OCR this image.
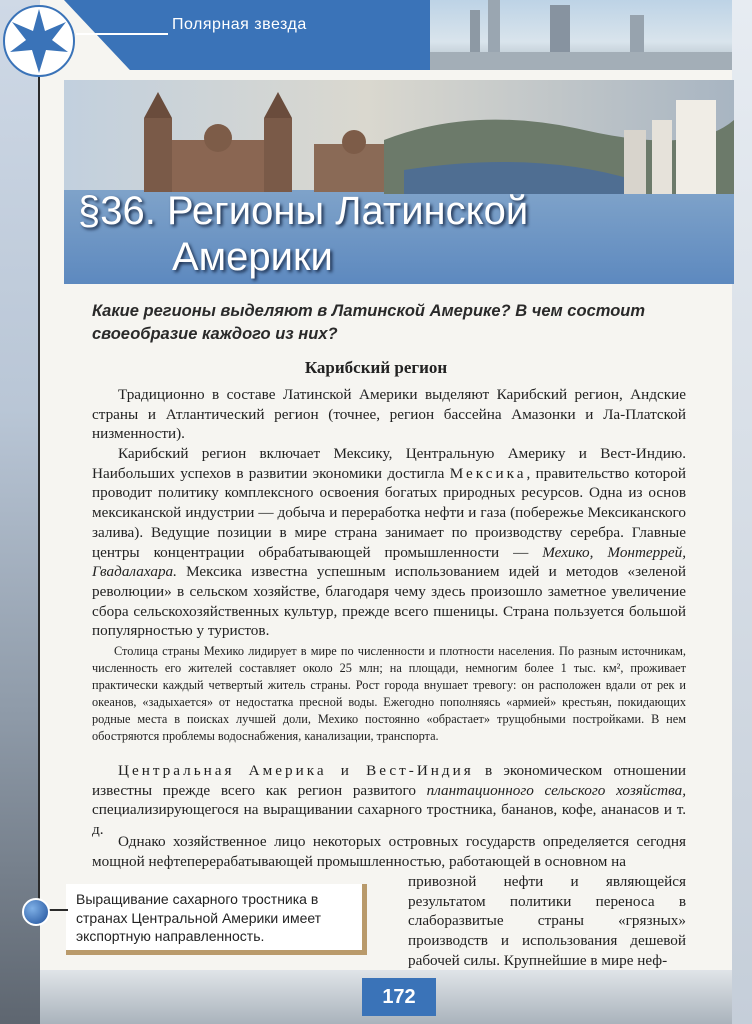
Полярная звезда
§36. Регионы Латинской
Америки
Какие регионы выделяют в Латинской Америке? В чем состоит своеобразие каждого из них?
Карибский регион
Традиционно в составе Латинской Америки выделяют Карибский регион, Андские страны и Атлантический регион (точнее, регион бассейна Амазонки и Ла-Платской низменности).
Карибский регион включает Мексику, Центральную Америку и Вест-Индию. Наибольших успехов в развитии экономики достигла Мексика, правительство которой проводит политику комплексного освоения богатых природных ресурсов. Одна из основ мексиканской индустрии — добыча и переработка нефти и газа (побережье Мексиканского залива). Ведущие позиции в мире страна занимает по производству серебра. Главные центры концентрации обрабатывающей промышленности — Мехико, Монтеррей, Гвадалахара. Мексика известна успешным использованием идей и методов «зеленой революции» в сельском хозяйстве, благодаря чему здесь произошло заметное увеличение сбора сельскохозяйственных культур, прежде всего пшеницы. Страна пользуется большой популярностью у туристов.
Столица страны Мехико лидирует в мире по численности и плотности населения. По разным источникам, численность его жителей составляет около 25 млн; на площади, немногим более 1 тыс. км², проживает практически каждый четвертый житель страны. Рост города внушает тревогу: он расположен вдали от рек и океанов, «задыхается» от недостатка пресной воды. Ежегодно пополняясь «армией» крестьян, покидающих родные места в поисках лучшей доли, Мехико постоянно «обрастает» трущобными постройками. В нем обостряются проблемы водоснабжения, канализации, транспорта.
Центральная Америка и Вест-Индия в экономическом отношении известны прежде всего как регион развитого плантационного сельского хозяйства, специализирующегося на выращивании сахарного тростника, бананов, кофе, ананасов и т. д.
Однако хозяйственное лицо некоторых островных государств определяется сегодня мощной нефтеперерабатывающей промышленностью, работающей в основном на
привозной нефти и являющейся результатом политики переноса в слаборазвитые страны «грязных» производств и использования дешевой рабочей силы. Крупнейшие в мире неф-
Выращивание сахарного тростника в странах Центральной Америки имеет экспортную направленность.
172
